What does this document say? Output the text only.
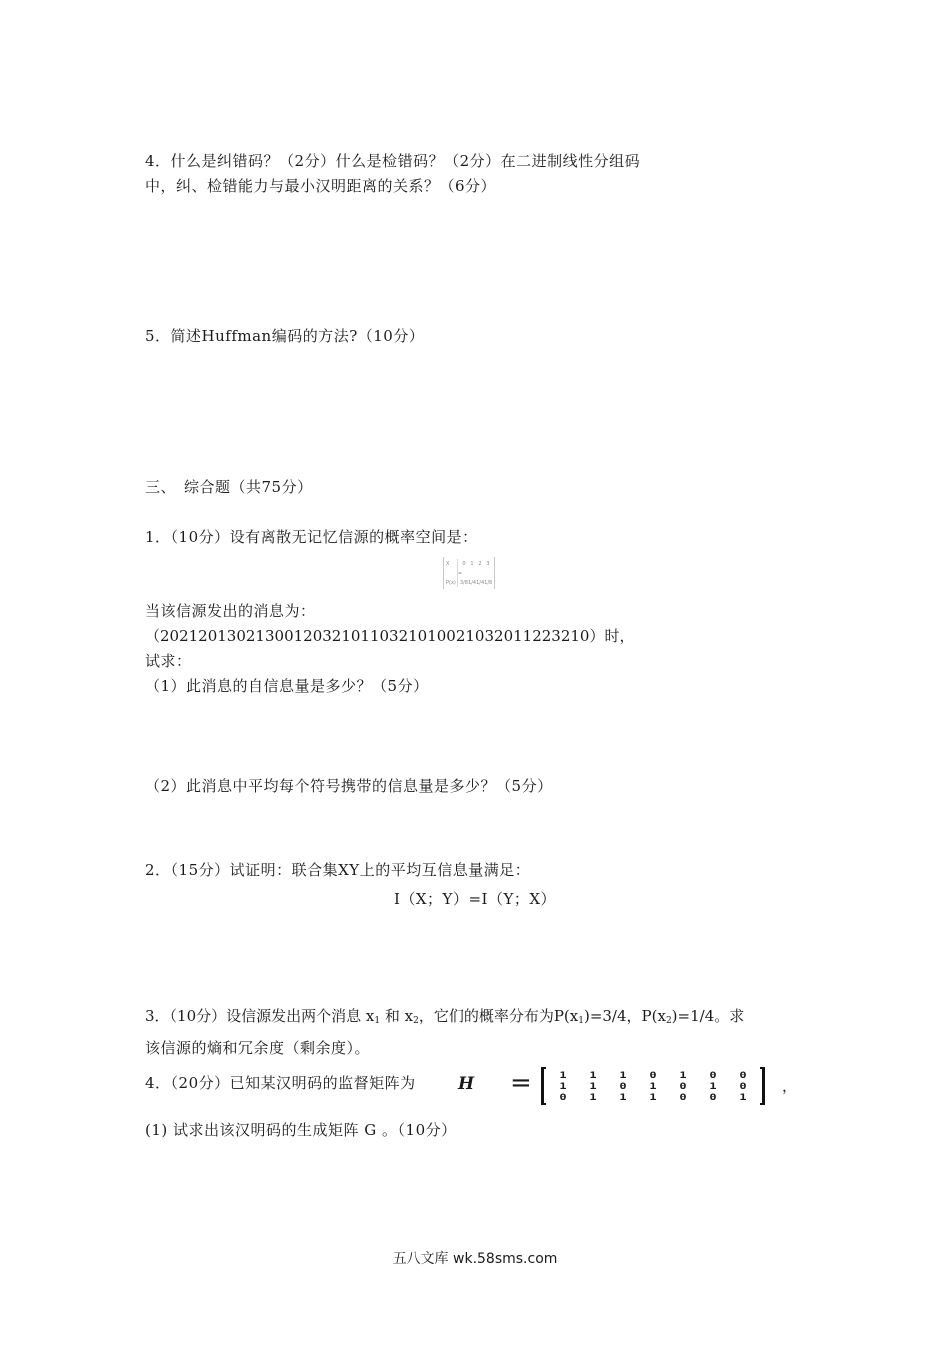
4．什么是纠错码？（2分）什么是检错码？（2分）在二进制线性分组码
中，纠、检错能力与最小汉明距离的关系？（6分）
5．简述Huffman编码的方法?（10分）
三、　综合题（共75分）
1．（10分）设有离散无记忆信源的概率空间是：
X	0 1 2 3
=
P(x) 3/8 1/4 1/4 1/8
当该信源发出的消息为：
（202120130213001203210110321010021032011223210）时，
试求：
（1）此消息的自信息量是多少？（5分）
（2）此消息中平均每个符号携带的信息量是多少？（5分）
2．（15分）试证明：联合集XY上的平均互信息量满足：
I（X；Y）=I（Y；X）
3．（10分）设信源发出两个消息 $x_1$ 和 $x_2$，它们的概率分布为$P(x_1)=3/4$，$P(x_2)=1/4$。求
该信源的熵和冗余度（剩余度）。
4．（20分）已知某汉明码的监督矩阵为 H =	1	1	1	0	1	0	0
1	1	0	1	0	1	0
0	1	1	1	0	0	1
，
(1) 试求出该汉明码的生成矩阵 G 。（10分）
五八文库 wk.58sms.com
